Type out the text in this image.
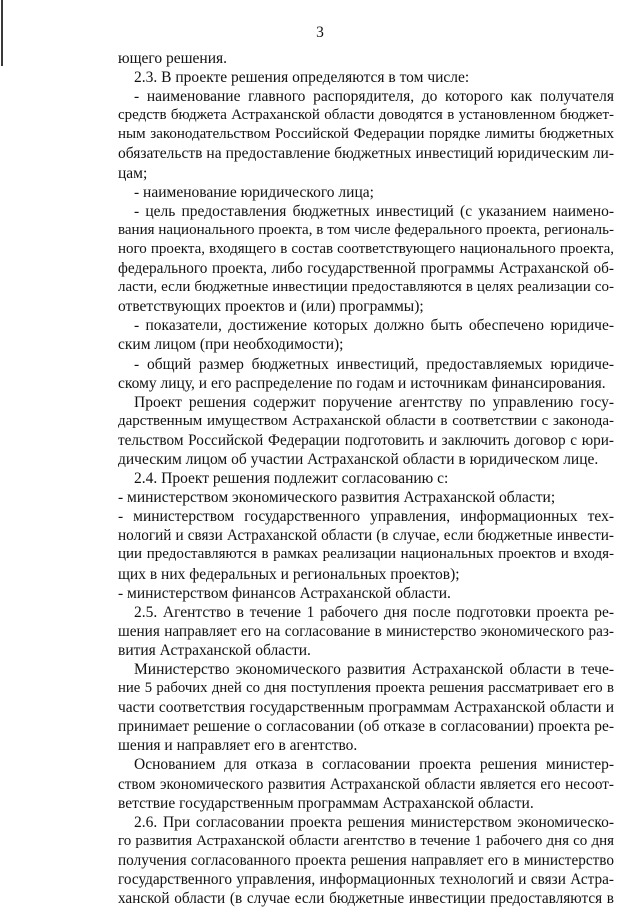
3
ющего решения.
2.3. В проекте решения определяются в том числе:
- наименование главного распорядителя, до которого как получателя
средств бюджета Астраханской области доводятся в установленном бюджет-
ным законодательством Российской Федерации порядке лимиты бюджетных
обязательств на предоставление бюджетных инвестиций юридическим ли-
цам;
- наименование юридического лица;
- цель предоставления бюджетных инвестиций (с указанием наимено-
вания национального проекта, в том числе федерального проекта, региональ-
ного проекта, входящего в состав соответствующего национального проекта,
федерального проекта, либо государственной программы Астраханской об-
ласти, если бюджетные инвестиции предоставляются в целях реализации со-
ответствующих проектов и (или) программы);
- показатели, достижение которых должно быть обеспечено юридиче-
ским лицом (при необходимости);
- общий размер бюджетных инвестиций, предоставляемых юридиче-
скому лицу, и его распределение по годам и источникам финансирования.
Проект решения содержит поручение агентству по управлению госу-
дарственным имуществом Астраханской области в соответствии с законода-
тельством Российской Федерации подготовить и заключить договор с юри-
дическим лицом об участии Астраханской области в юридическом лице.
2.4. Проект решения подлежит согласованию с:
- министерством экономического развития Астраханской области;
- министерством государственного управления, информационных тех-
нологий и связи Астраханской области (в случае, если бюджетные инвести-
ции предоставляются в рамках реализации национальных проектов и входя-
щих в них федеральных и региональных проектов);
- министерством финансов Астраханской области.
2.5. Агентство в течение 1 рабочего дня после подготовки проекта ре-
шения направляет его на согласование в министерство экономического раз-
вития Астраханской области.
Министерство экономического развития Астраханской области в тече-
ние 5 рабочих дней со дня поступления проекта решения рассматривает его в
части соответствия государственным программам Астраханской области и
принимает решение о согласовании (об отказе в согласовании) проекта ре-
шения и направляет его в агентство.
Основанием для отказа в согласовании проекта решения министер-
ством экономического развития Астраханской области является его несоот-
ветствие государственным программам Астраханской области.
2.6. При согласовании проекта решения министерством экономическо-
го развития Астраханской области агентство в течение 1 рабочего дня со дня
получения согласованного проекта решения направляет его в министерство
государственного управления, информационных технологий и связи Астра-
ханской области (в случае если бюджетные инвестиции предоставляются в
